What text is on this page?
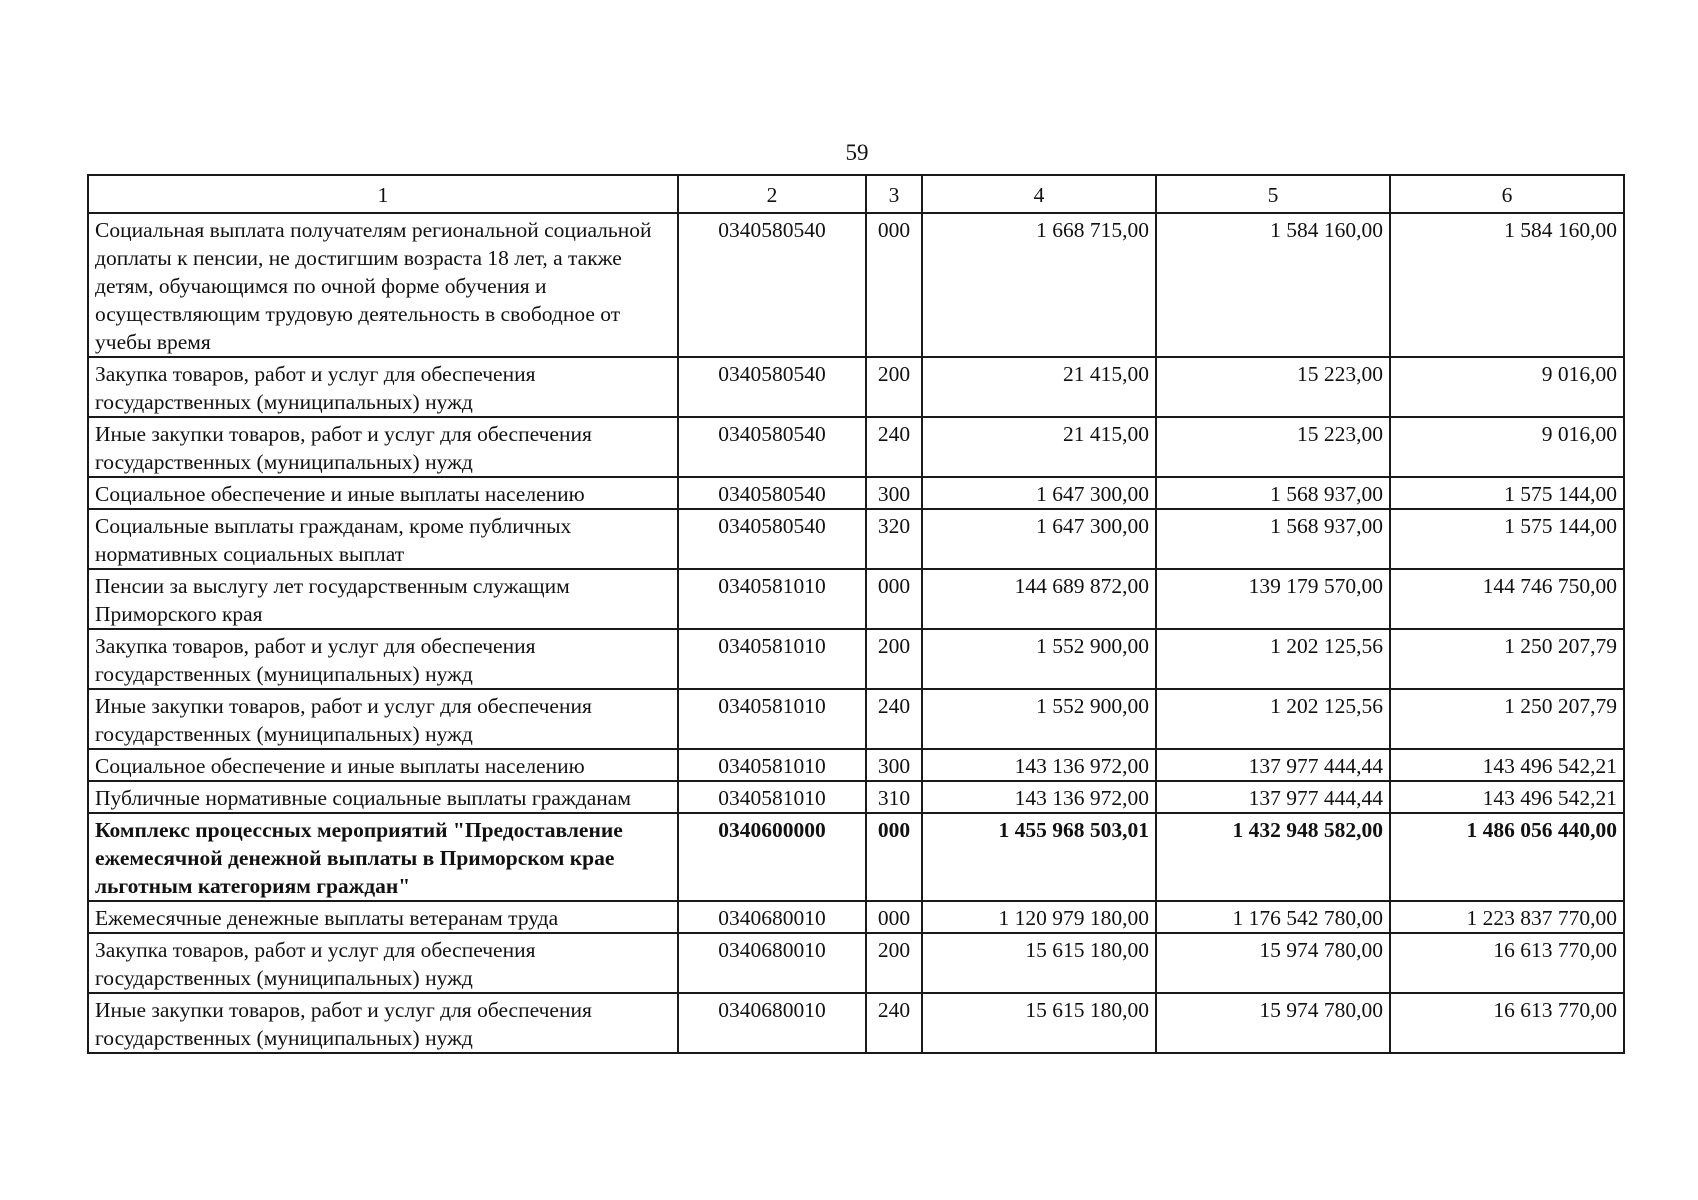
59
1	2	3	4	5	6
Социальная выплата получателям региональной социальной доплаты к пенсии, не достигшим возраста 18 лет, а также детям, обучающимся по очной форме обучения и осуществляющим трудовую деятельность в свободное от учебы время	0340580540	000	1 668 715,00	1 584 160,00	1 584 160,00
Закупка товаров, работ и услуг для обеспечения государственных (муниципальных) нужд	0340580540	200	21 415,00	15 223,00	9 016,00
Иные закупки товаров, работ и услуг для обеспечения государственных (муниципальных) нужд	0340580540	240	21 415,00	15 223,00	9 016,00
Социальное обеспечение и иные выплаты населению	0340580540	300	1 647 300,00	1 568 937,00	1 575 144,00
Социальные выплаты гражданам, кроме публичных нормативных социальных выплат	0340580540	320	1 647 300,00	1 568 937,00	1 575 144,00
Пенсии за выслугу лет государственным служащим Приморского края	0340581010	000	144 689 872,00	139 179 570,00	144 746 750,00
Закупка товаров, работ и услуг для обеспечения государственных (муниципальных) нужд	0340581010	200	1 552 900,00	1 202 125,56	1 250 207,79
Иные закупки товаров, работ и услуг для обеспечения государственных (муниципальных) нужд	0340581010	240	1 552 900,00	1 202 125,56	1 250 207,79
Социальное обеспечение и иные выплаты населению	0340581010	300	143 136 972,00	137 977 444,44	143 496 542,21
Публичные нормативные социальные выплаты гражданам	0340581010	310	143 136 972,00	137 977 444,44	143 496 542,21
Комплекс процессных мероприятий "Предоставление ежемесячной денежной выплаты в Приморском крае льготным категориям граждан"	0340600000	000	1 455 968 503,01	1 432 948 582,00	1 486 056 440,00
Ежемесячные денежные выплаты ветеранам труда	0340680010	000	1 120 979 180,00	1 176 542 780,00	1 223 837 770,00
Закупка товаров, работ и услуг для обеспечения государственных (муниципальных) нужд	0340680010	200	15 615 180,00	15 974 780,00	16 613 770,00
Иные закупки товаров, работ и услуг для обеспечения государственных (муниципальных) нужд	0340680010	240	15 615 180,00	15 974 780,00	16 613 770,00
